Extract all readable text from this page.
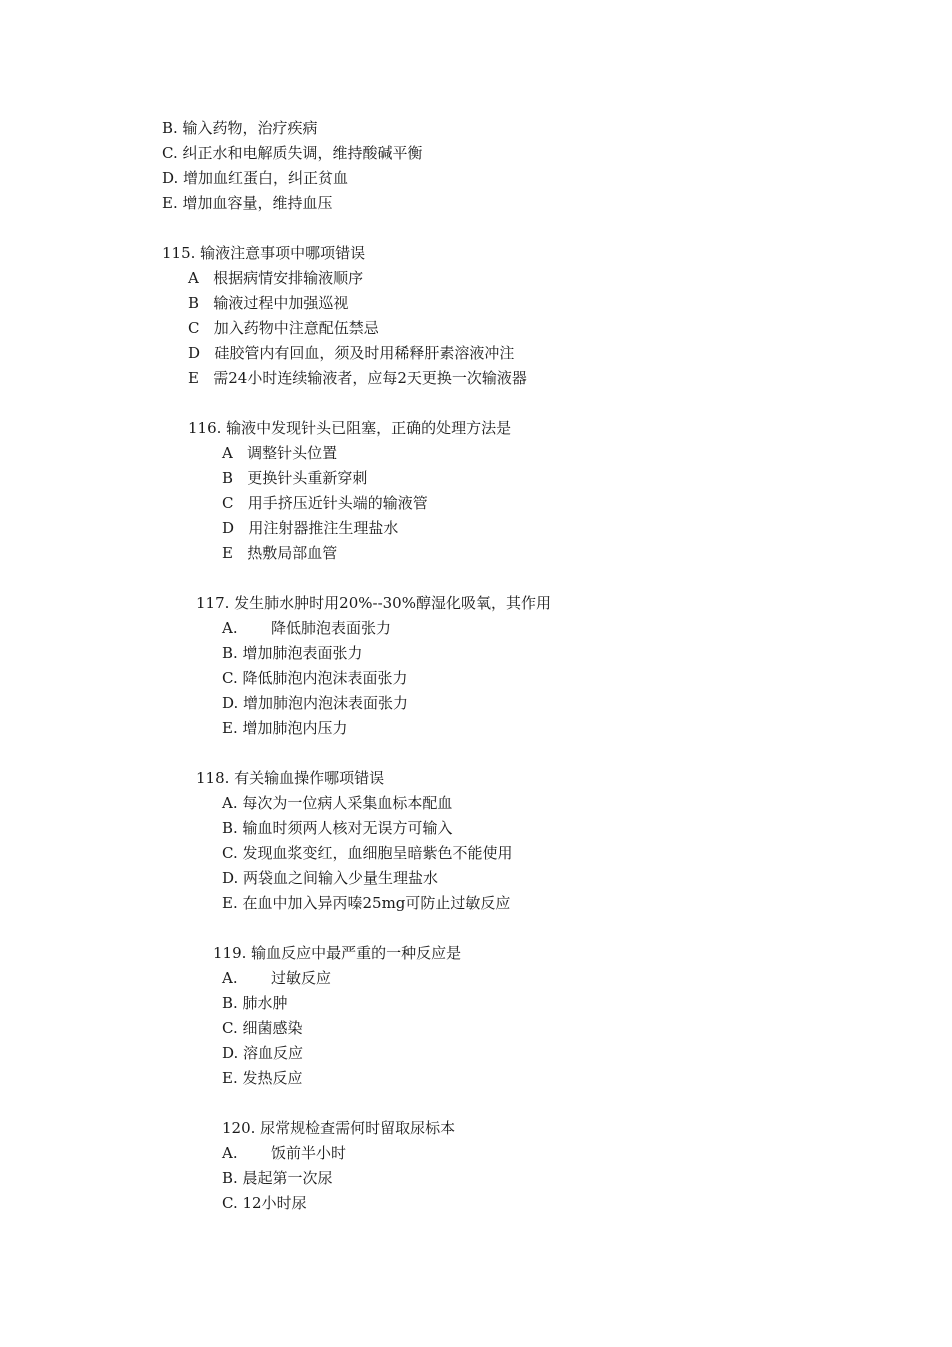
B. 输入药物，治疗疾病
C. 纠正水和电解质失调，维持酸碱平衡
D. 增加血红蛋白，纠正贫血
E. 增加血容量，维持血压
115. 输液注意事项中哪项错误
A   根据病情安排输液顺序
B   输液过程中加强巡视
C   加入药物中注意配伍禁忌
D   硅胶管内有回血，须及时用稀释肝素溶液冲注
E   需24小时连续输液者，应每2天更换一次输液器
116. 输液中发现针头已阻塞，正确的处理方法是
A   调整针头位置
B   更换针头重新穿刺
C   用手挤压近针头端的输液管
D   用注射器推注生理盐水
E   热敷局部血管
117. 发生肺水肿时用20%--30%醇湿化吸氧，其作用
A.       降低肺泡表面张力
B. 增加肺泡表面张力
C. 降低肺泡内泡沫表面张力
D. 增加肺泡内泡沫表面张力
E. 增加肺泡内压力
118. 有关输血操作哪项错误
A. 每次为一位病人采集血标本配血
B. 输血时须两人核对无误方可输入
C. 发现血浆变红，血细胞呈暗紫色不能使用
D. 两袋血之间输入少量生理盐水
E. 在血中加入异丙嗪25mg可防止过敏反应
119. 输血反应中最严重的一种反应是
A.       过敏反应
B. 肺水肿
C. 细菌感染
D. 溶血反应
E. 发热反应
120. 尿常规检查需何时留取尿标本
A.       饭前半小时
B. 晨起第一次尿
C. 12小时尿
